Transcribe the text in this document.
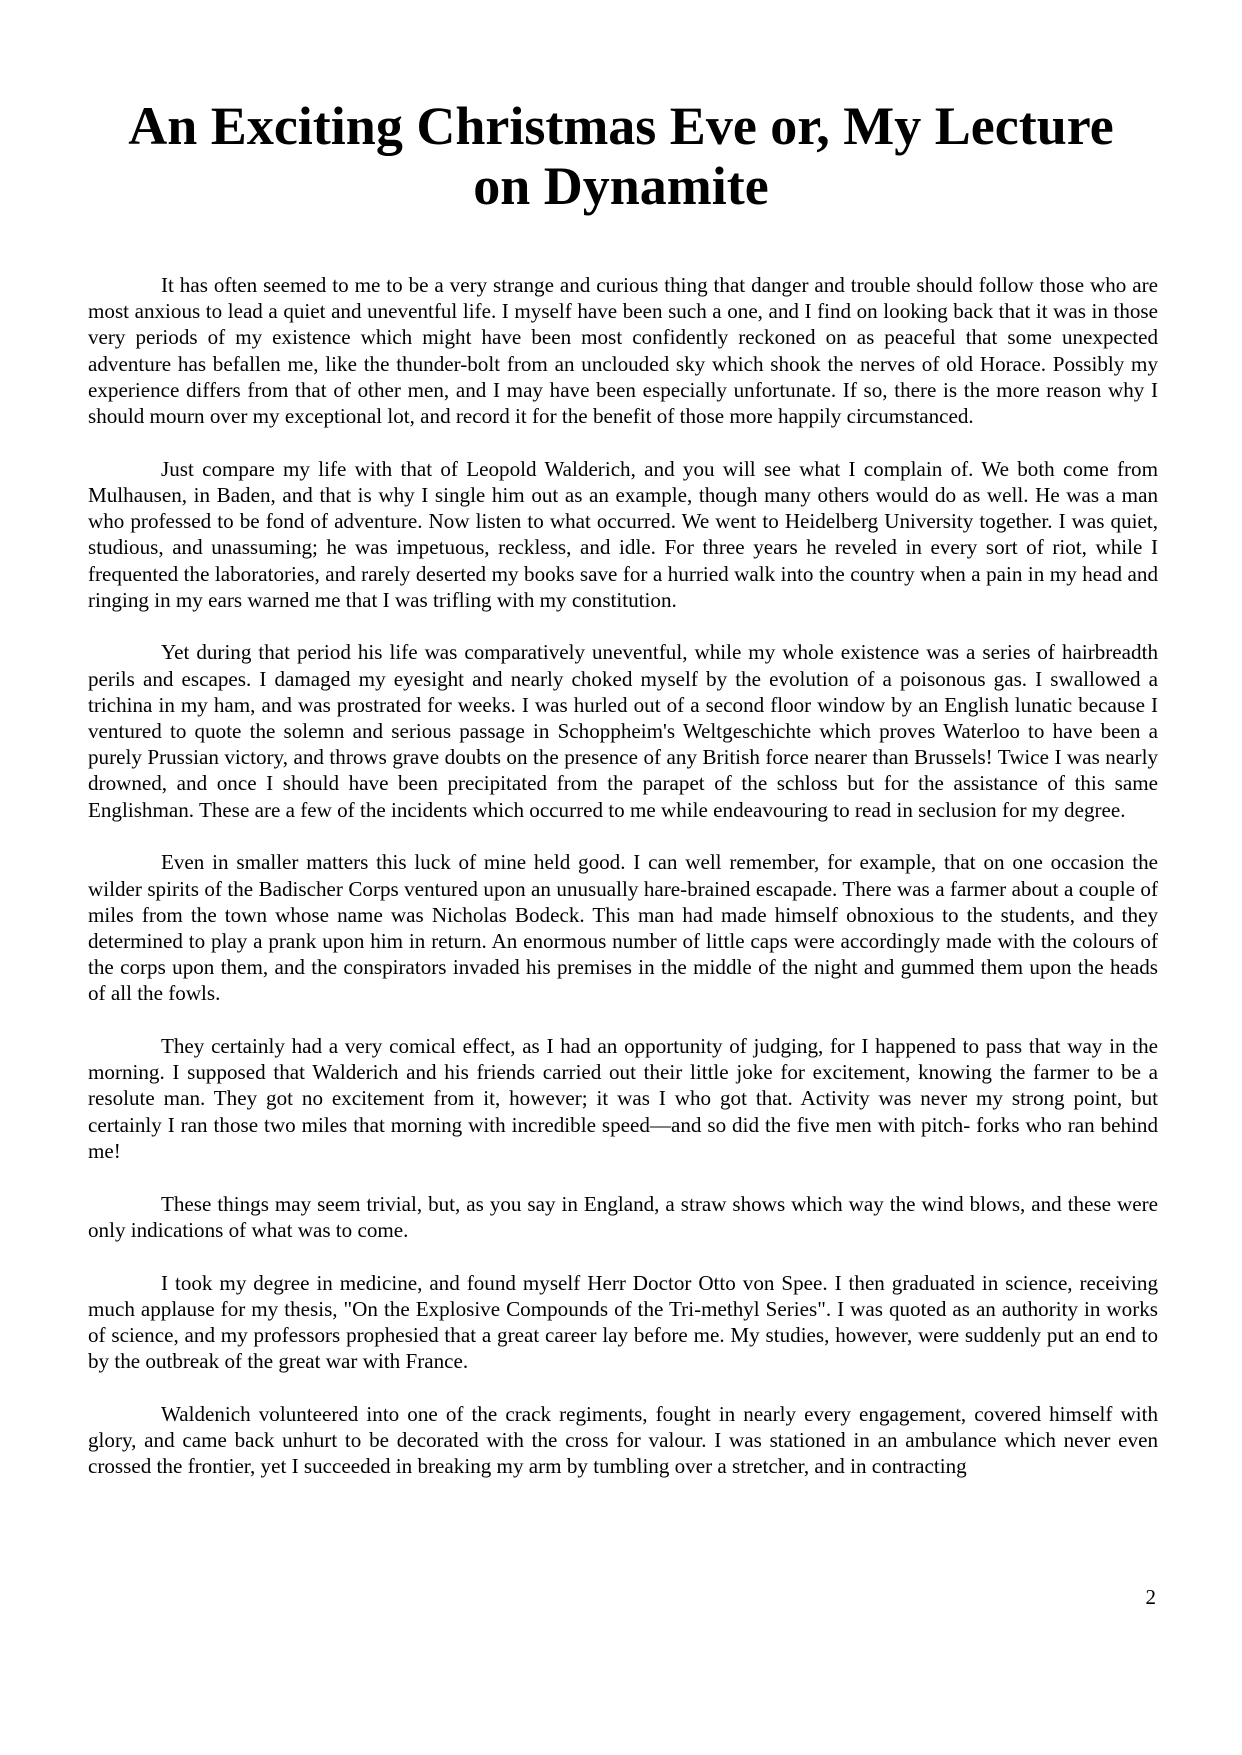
An Exciting Christmas Eve or, My Lecture on Dynamite

It has often seemed to me to be a very strange and curious thing that danger and trouble should follow those who are most anxious to lead a quiet and uneventful life. I myself have been such a one, and I find on looking back that it was in those very periods of my existence which might have been most confidently reckoned on as peaceful that some unexpected adventure has befallen me, like the thunder-bolt from an unclouded sky which shook the nerves of old Horace. Possibly my experience differs from that of other men, and I may have been especially unfortunate. If so, there is the more reason why I should mourn over my exceptional lot, and record it for the benefit of those more happily circumstanced.

Just compare my life with that of Leopold Walderich, and you will see what I complain of. We both come from Mulhausen, in Baden, and that is why I single him out as an example, though many others would do as well. He was a man who professed to be fond of adventure. Now listen to what occurred. We went to Heidelberg University together. I was quiet, studious, and unassuming; he was impetuous, reckless, and idle. For three years he reveled in every sort of riot, while I frequented the laboratories, and rarely deserted my books save for a hurried walk into the country when a pain in my head and ringing in my ears warned me that I was trifling with my constitution.

Yet during that period his life was comparatively uneventful, while my whole existence was a series of hairbreadth perils and escapes. I damaged my eyesight and nearly choked myself by the evolution of a poisonous gas. I swallowed a trichina in my ham, and was prostrated for weeks. I was hurled out of a second floor window by an English lunatic because I ventured to quote the solemn and serious passage in Schoppheim's Weltgeschichte which proves Waterloo to have been a purely Prussian victory, and throws grave doubts on the presence of any British force nearer than Brussels! Twice I was nearly drowned, and once I should have been precipitated from the parapet of the schloss but for the assistance of this same Englishman. These are a few of the incidents which occurred to me while endeavouring to read in seclusion for my degree.

Even in smaller matters this luck of mine held good. I can well remember, for example, that on one occasion the wilder spirits of the Badischer Corps ventured upon an unusually hare-brained escapade. There was a farmer about a couple of miles from the town whose name was Nicholas Bodeck. This man had made himself obnoxious to the students, and they determined to play a prank upon him in return. An enormous number of little caps were accordingly made with the colours of the corps upon them, and the conspirators invaded his premises in the middle of the night and gummed them upon the heads of all the fowls.

They certainly had a very comical effect, as I had an opportunity of judging, for I happened to pass that way in the morning. I supposed that Walderich and his friends carried out their little joke for excitement, knowing the farmer to be a resolute man. They got no excitement from it, however; it was I who got that. Activity was never my strong point, but certainly I ran those two miles that morning with incredible speed—and so did the five men with pitch- forks who ran behind me!

These things may seem trivial, but, as you say in England, a straw shows which way the wind blows, and these were only indications of what was to come.

I took my degree in medicine, and found myself Herr Doctor Otto von Spee. I then graduated in science, receiving much applause for my thesis, "On the Explosive Compounds of the Tri-methyl Series". I was quoted as an authority in works of science, and my professors prophesied that a great career lay before me. My studies, however, were suddenly put an end to by the outbreak of the great war with France.

Waldenich volunteered into one of the crack regiments, fought in nearly every engagement, covered himself with glory, and came back unhurt to be decorated with the cross for valour. I was stationed in an ambulance which never even crossed the frontier, yet I succeeded in breaking my arm by tumbling over a stretcher, and in contracting

2
